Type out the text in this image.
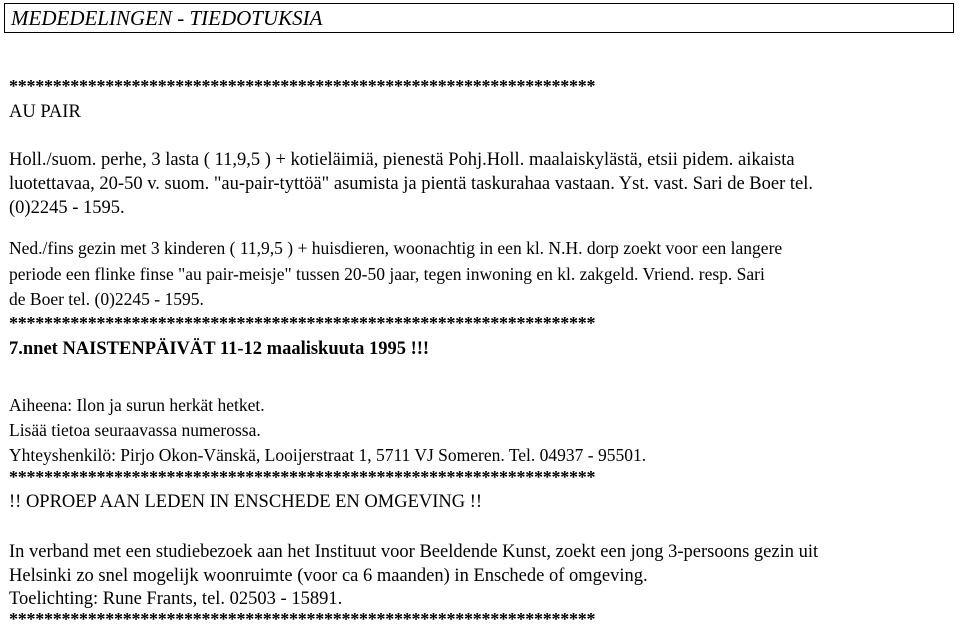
MEDEDELINGEN - TIEDOTUKSIA
*******************************************************************
AU PAIR
Holl./suom. perhe, 3 lasta ( 11,9,5 ) + kotieläimiä, pienestä Pohj.Holl. maalaiskylästä, etsii pidem. aikaista
luotettavaa, 20-50 v. suom. "au-pair-tyttöä" asumista ja pientä taskurahaa vastaan. Yst. vast. Sari de Boer tel.
(0)2245 - 1595.
Ned./fins gezin met 3 kinderen ( 11,9,5 ) + huisdieren, woonachtig in een kl. N.H. dorp zoekt voor een langere
periode een flinke finse "au pair-meisje" tussen 20-50 jaar, tegen inwoning en kl. zakgeld. Vriend. resp. Sari
de Boer tel. (0)2245 - 1595.
*******************************************************************
7.nnet NAISTENPÄIVÄT 11-12 maaliskuuta 1995 !!!
Aiheena: Ilon ja surun herkät hetket.
Lisää tietoa seuraavassa numerossa.
Yhteyshenkilö: Pirjo Okon-Vänskä, Looijerstraat 1, 5711 VJ Someren. Tel. 04937 - 95501.
*******************************************************************
!! OPROEP AAN LEDEN IN ENSCHEDE EN OMGEVING !!
In verband met een studiebezoek aan het Instituut voor Beeldende Kunst, zoekt een jong 3-persoons gezin uit
Helsinki zo snel mogelijk woonruimte (voor ca 6 maanden) in Enschede of omgeving.
Toelichting: Rune Frants, tel. 02503 - 15891.
*******************************************************************
